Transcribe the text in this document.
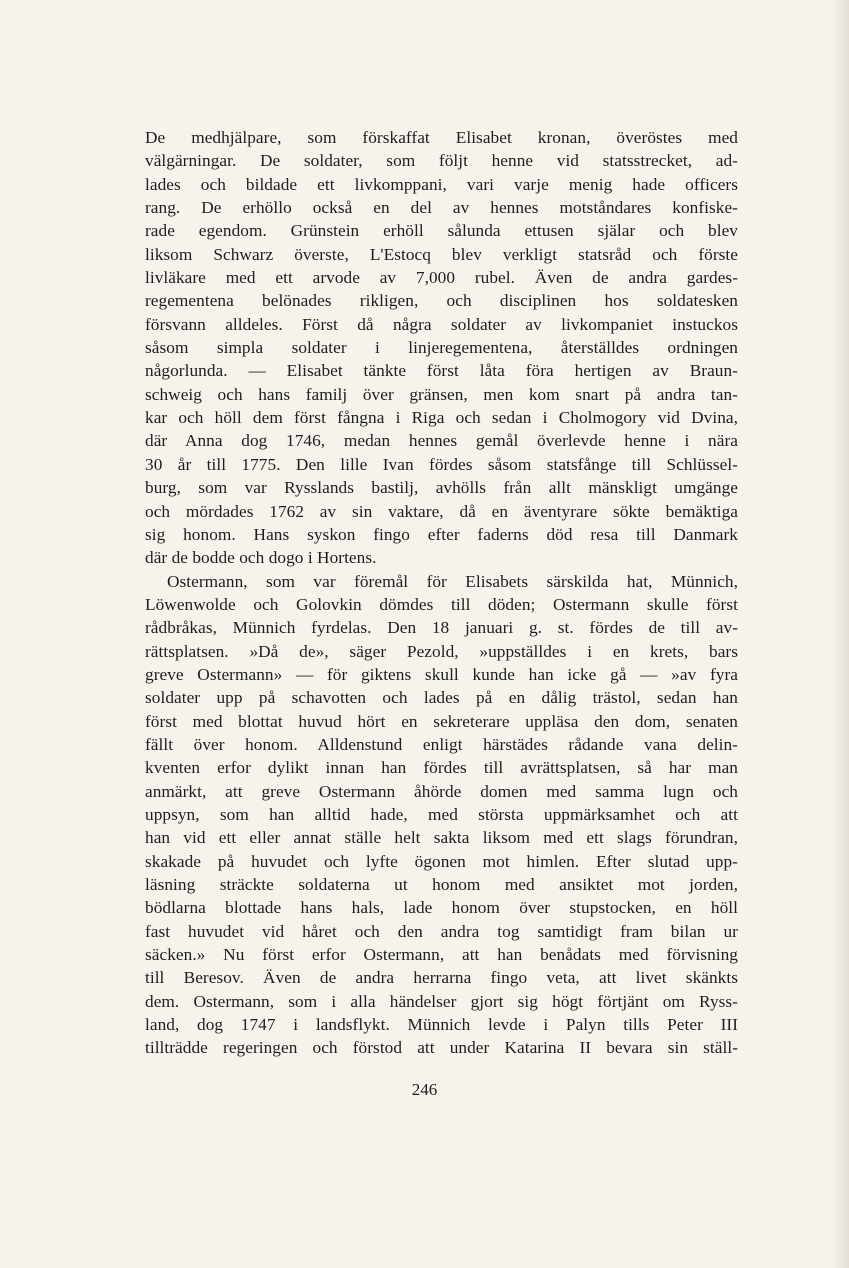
De medhjälpare, som förskaffat Elisabet kronan, överöstes med
välgärningar. De soldater, som följt henne vid statsstrecket, ad-
lades och bildade ett livkomppani, vari varje menig hade officers
rang. De erhöllo också en del av hennes motståndares konfiske-
rade egendom. Grünstein erhöll sålunda ettusen själar och blev
liksom Schwarz överste, L'Estocq blev verkligt statsråd och förste
livläkare med ett arvode av 7,000 rubel. Även de andra gardes-
regementena belönades rikligen, och disciplinen hos soldatesken
försvann alldeles. Först då några soldater av livkompaniet instuckos
såsom simpla soldater i linjeregementena, återställdes ordningen
någorlunda. — Elisabet tänkte först låta föra hertigen av Braun-
schweig och hans familj över gränsen, men kom snart på andra tan-
kar och höll dem först fångna i Riga och sedan i Cholmogory vid Dvina,
där Anna dog 1746, medan hennes gemål överlevde henne i nära
30 år till 1775. Den lille Ivan fördes såsom statsfånge till Schlüssel-
burg, som var Rysslands bastilj, avhölls från allt mänskligt umgänge
och mördades 1762 av sin vaktare, då en äventyrare sökte bemäktiga
sig honom. Hans syskon fingo efter faderns död resa till Danmark
där de bodde och dogo i Hortens.
Ostermann, som var föremål för Elisabets särskilda hat, Münnich,
Löwenwolde och Golovkin dömdes till döden; Ostermann skulle först
rådbråkas, Münnich fyrdelas. Den 18 januari g. st. fördes de till av-
rättsplatsen. »Då de», säger Pezold, »uppställdes i en krets, bars
greve Ostermann» — för giktens skull kunde han icke gå — »av fyra
soldater upp på schavotten och lades på en dålig trästol, sedan han
först med blottat huvud hört en sekreterare uppläsa den dom, senaten
fällt över honom. Alldenstund enligt härstädes rådande vana delin-
kventen erfor dylikt innan han fördes till avrättsplatsen, så har man
anmärkt, att greve Ostermann åhörde domen med samma lugn och
uppsyn, som han alltid hade, med största uppmärksamhet och att
han vid ett eller annat ställe helt sakta liksom med ett slags förundran,
skakade på huvudet och lyfte ögonen mot himlen. Efter slutad upp-
läsning sträckte soldaterna ut honom med ansiktet mot jorden,
bödlarna blottade hans hals, lade honom över stupstocken, en höll
fast huvudet vid håret och den andra tog samtidigt fram bilan ur
säcken.» Nu först erfor Ostermann, att han benådats med förvisning
till Beresov. Även de andra herrarna fingo veta, att livet skänkts
dem. Ostermann, som i alla händelser gjort sig högt förtjänt om Ryss-
land, dog 1747 i landsflykt. Münnich levde i Palyn tills Peter III
tillträdde regeringen och förstod att under Katarina II bevara sin ställ-
246
